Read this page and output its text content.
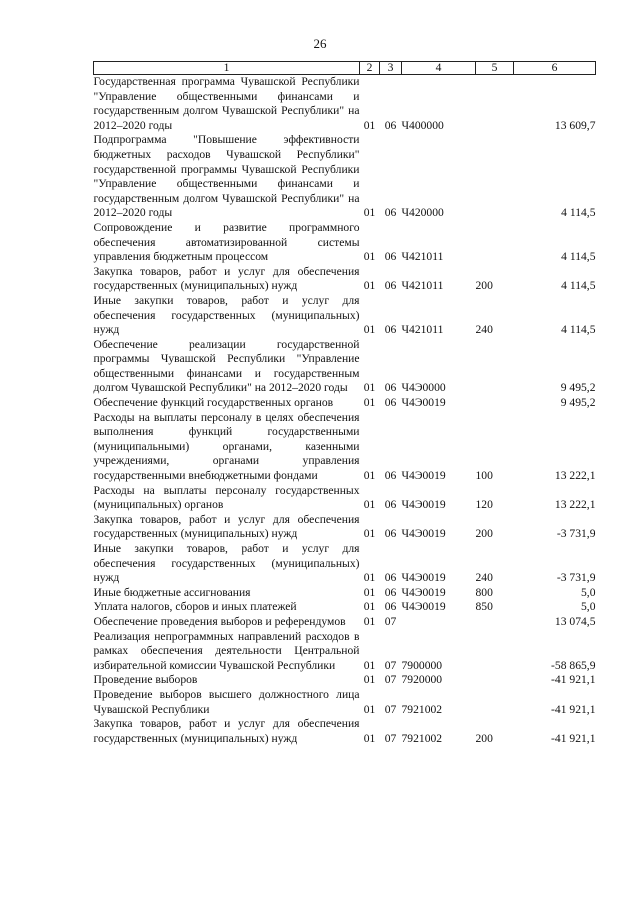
26
1	2	3	4	5	6
Государственная программа Чувашской Республики "Управление общественными финансами и государственным долгом Чувашской Республики" на 2012–2020 годы	01	06	Ч400000		13 609,7
Подпрограмма "Повышение эффективности бюджетных расходов Чувашской Республики" государственной программы Чувашской Республики "Управление общественными финансами и государственным долгом Чувашской Республики" на 2012–2020 годы	01	06	Ч420000		4 114,5
Сопровождение и развитие программного обеспечения автоматизированной системы управления бюджетным процессом	01	06	Ч421011		4 114,5
Закупка товаров, работ и услуг для обеспечения государственных (муниципальных) нужд	01	06	Ч421011	200	4 114,5
Иные закупки товаров, работ и услуг для обеспечения государственных (муниципальных) нужд	01	06	Ч421011	240	4 114,5
Обеспечение реализации государственной программы Чувашской Республики "Управление общественными финансами и государственным долгом Чувашской Республики" на 2012–2020 годы	01	06	Ч4Э0000		9 495,2
Обеспечение функций государственных органов	01	06	Ч4Э0019		9 495,2
Расходы на выплаты персоналу в целях обеспечения выполнения функций государственными (муниципальными) органами, казенными учреждениями, органами управления государственными внебюджетными фондами	01	06	Ч4Э0019	100	13 222,1
Расходы на выплаты персоналу государственных (муниципальных) органов	01	06	Ч4Э0019	120	13 222,1
Закупка товаров, работ и услуг для обеспечения государственных (муниципальных) нужд	01	06	Ч4Э0019	200	-3 731,9
Иные закупки товаров, работ и услуг для обеспечения государственных (муниципальных) нужд	01	06	Ч4Э0019	240	-3 731,9
Иные бюджетные ассигнования	01	06	Ч4Э0019	800	5,0
Уплата налогов, сборов и иных платежей	01	06	Ч4Э0019	850	5,0
Обеспечение проведения выборов и референдумов	01	07			13 074,5
Реализация непрограммных направлений расходов в рамках обеспечения деятельности Центральной избирательной комиссии Чувашской Республики	01	07	7900000		-58 865,9
Проведение выборов	01	07	7920000		-41 921,1
Проведение выборов высшего должностного лица Чувашской Республики	01	07	7921002		-41 921,1
Закупка товаров, работ и услуг для обеспечения государственных (муниципальных) нужд	01	07	7921002	200	-41 921,1
